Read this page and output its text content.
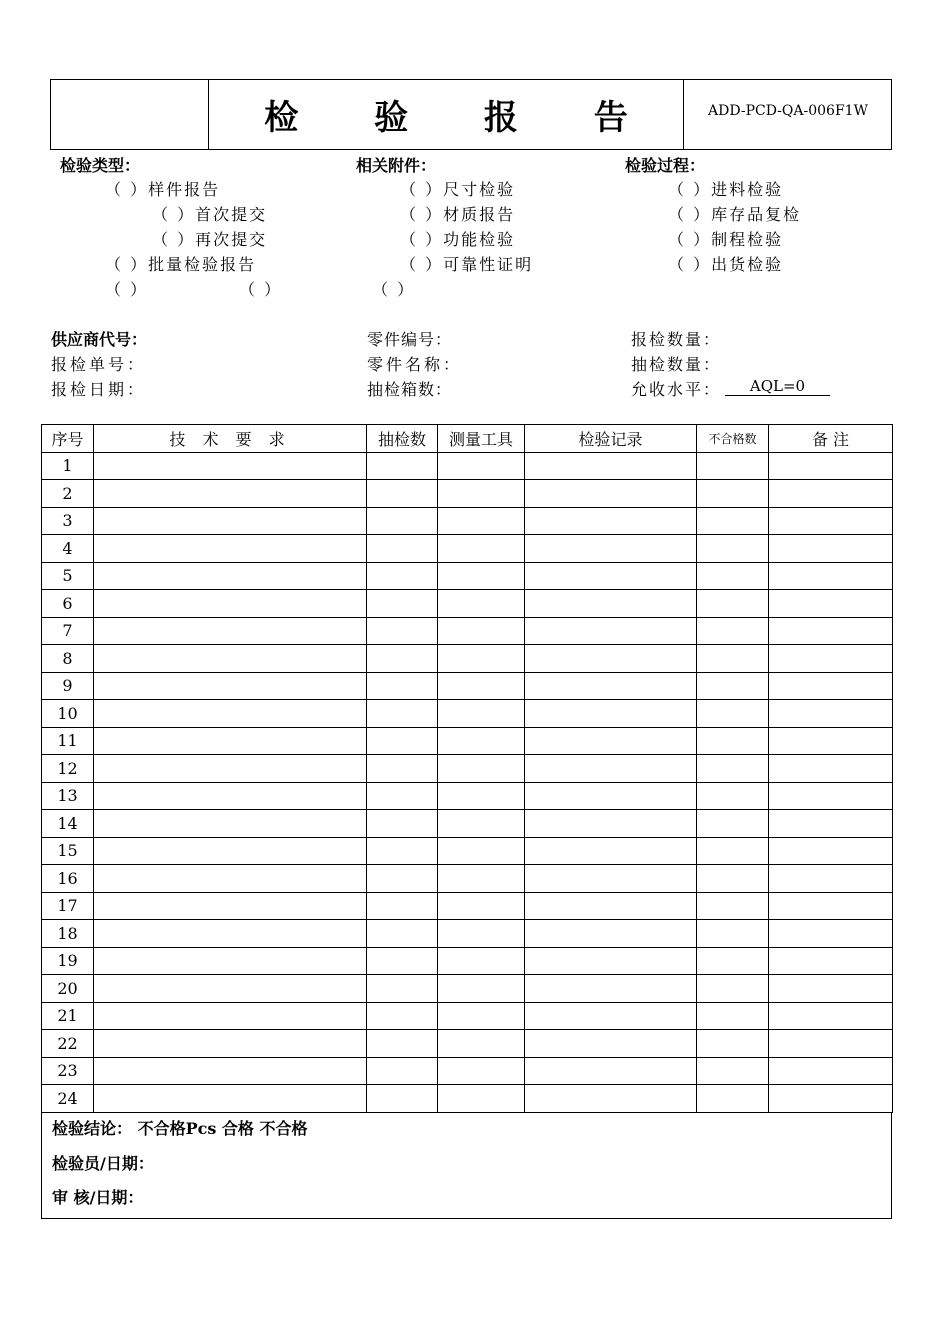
检 验 报 告	ADD-PCD-QA-006F1W
检验类型：
（ ）样件报告
（ ）首次提交
（ ）再次提交
（ ）批量检验报告
（ ）	（ ）
相关附件：
（ ）尺寸检验
（ ）材质报告
（ ）功能检验
（ ）可靠性证明
（ ）
检验过程：
（ ）进料检验
（ ）库存品复检
（ ）制程检验
（ ）出货检验
供应商代号：
报检单号：
报检日期：
零件编号：
零件名称：
抽检箱数：
报检数量：
抽检数量：
允收水平：	AQL=0
序号	技 术 要 求	抽检数	测量工具	检验记录	不合格数	备 注
1						
2						
3						
4						
5						
6						
7						
8						
9						
10						
11						
12						
13						
14						
15						
16						
17						
18						
19						
20						
21						
22						
23						
24						
检验结论： 不合格Pcs 合格 不合格
检验员/日期：
审 核/日期：
